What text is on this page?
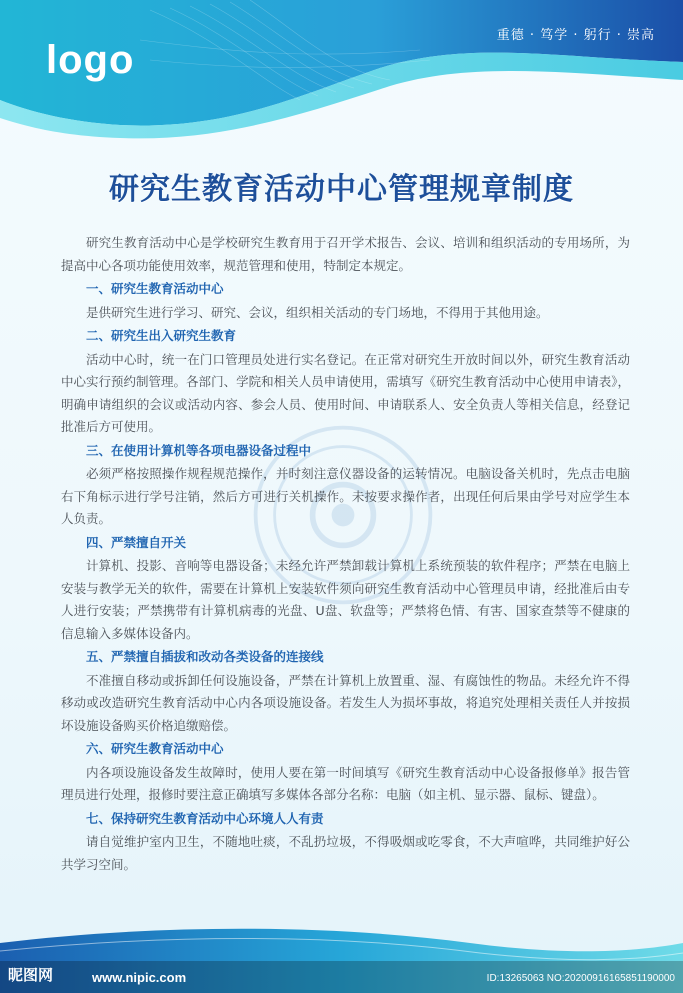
logo
重德 · 笃学 · 躬行 · 崇高
研究生教育活动中心管理规章制度

研究生教育活动中心是学校研究生教育用于召开学术报告、会议、培训和组织活动的专用场所，为提高中心各项功能使用效率，规范管理和使用，特制定本规定。

一、研究生教育活动中心

是供研究生进行学习、研究、会议，组织相关活动的专门场地，不得用于其他用途。

二、研究生出入研究生教育

活动中心时，统一在门口管理员处进行实名登记。在正常对研究生开放时间以外，研究生教育活动中心实行预约制管理。各部门、学院和相关人员申请使用，需填写《研究生教育活动中心使用申请表》，明确申请组织的会议或活动内容、参会人员、使用时间、申请联系人、安全负责人等相关信息，经登记批准后方可使用。

三、在使用计算机等各项电器设备过程中

必须严格按照操作规程规范操作，并时刻注意仪器设备的运转情况。电脑设备关机时，先点击电脑右下角标示进行学号注销，然后方可进行关机操作。未按要求操作者，出现任何后果由学号对应学生本人负责。

四、严禁擅自开关

计算机、投影、音响等电器设备；未经允许严禁卸载计算机上系统预装的软件程序；严禁在电脑上安装与教学无关的软件，需要在计算机上安装软件须向研究生教育活动中心管理员申请，经批准后由专人进行安装；严禁携带有计算机病毒的光盘、U盘、软盘等；严禁将色情、有害、国家查禁等不健康的信息输入多媒体设备内。

五、严禁擅自插拔和改动各类设备的连接线

不准擅自移动或拆卸任何设施设备，严禁在计算机上放置重、湿、有腐蚀性的物品。未经允许不得移动或改造研究生教育活动中心内各项设施设备。若发生人为损坏事故，将追究处理相关责任人并按损坏设施设备购买价格追缴赔偿。

六、研究生教育活动中心

内各项设施设备发生故障时，使用人要在第一时间填写《研究生教育活动中心设备报修单》报告管理员进行处理，报修时要注意正确填写多媒体各部分名称：电脑（如主机、显示器、鼠标、键盘）。

七、保持研究生教育活动中心环境人人有责

请自觉维护室内卫生，不随地吐痰，不乱扔垃圾，不得吸烟或吃零食，不大声喧哗，共同维护好公共学习空间。

昵图网	www.nipic.com	ID:13265063 NO:20200916165851190000
